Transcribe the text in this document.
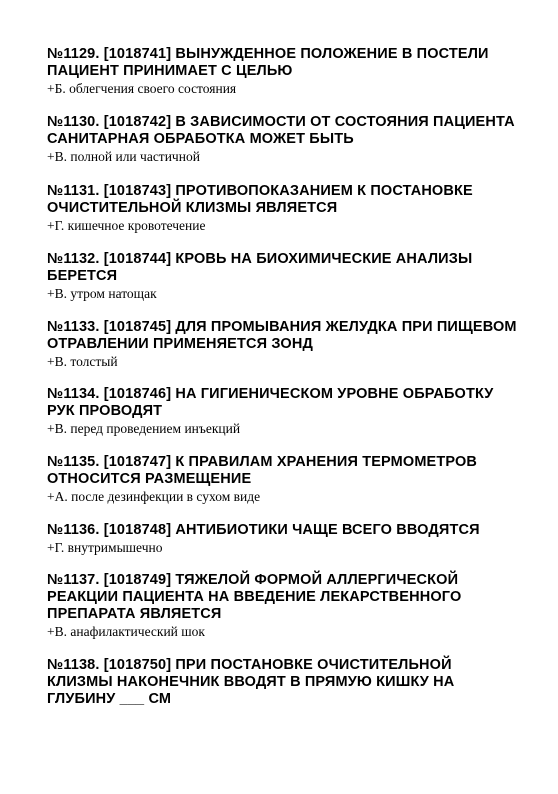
№1129. [1018741] ВЫНУЖДЕННОЕ ПОЛОЖЕНИЕ В ПОСТЕЛИ ПАЦИЕНТ ПРИНИМАЕТ С ЦЕЛЬЮ

+Б. облегчения своего состояния

№1130. [1018742] В ЗАВИСИМОСТИ ОТ СОСТОЯНИЯ ПАЦИЕНТА САНИТАРНАЯ ОБРАБОТКА МОЖЕТ БЫТЬ

+В. полной или частичной

№1131. [1018743] ПРОТИВОПОКАЗАНИЕМ К ПОСТАНОВКЕ ОЧИСТИТЕЛЬНОЙ КЛИЗМЫ ЯВЛЯЕТСЯ

+Г. кишечное кровотечение

№1132. [1018744] КРОВЬ НА БИОХИМИЧЕСКИЕ АНАЛИЗЫ БЕРЕТСЯ

+В. утром натощак

№1133. [1018745] ДЛЯ ПРОМЫВАНИЯ ЖЕЛУДКА ПРИ ПИЩЕВОМ ОТРАВЛЕНИИ ПРИМЕНЯЕТСЯ ЗОНД

+В. толстый

№1134. [1018746] НА ГИГИЕНИЧЕСКОМ УРОВНЕ ОБРАБОТКУ РУК ПРОВОДЯТ

+В. перед проведением инъекций

№1135. [1018747] К ПРАВИЛАМ ХРАНЕНИЯ ТЕРМОМЕТРОВ ОТНОСИТСЯ РАЗМЕЩЕНИЕ

+А. после дезинфекции в сухом виде

№1136. [1018748] АНТИБИОТИКИ ЧАЩЕ ВСЕГО ВВОДЯТСЯ

+Г. внутримышечно

№1137. [1018749] ТЯЖЕЛОЙ ФОРМОЙ АЛЛЕРГИЧЕСКОЙ РЕАКЦИИ ПАЦИЕНТА НА ВВЕДЕНИЕ ЛЕКАРСТВЕННОГО ПРЕПАРАТА ЯВЛЯЕТСЯ

+В. анафилактический шок

№1138. [1018750] ПРИ ПОСТАНОВКЕ ОЧИСТИТЕЛЬНОЙ КЛИЗМЫ НАКОНЕЧНИК ВВОДЯТ В ПРЯМУЮ КИШКУ НА ГЛУБИНУ ___ СМ
